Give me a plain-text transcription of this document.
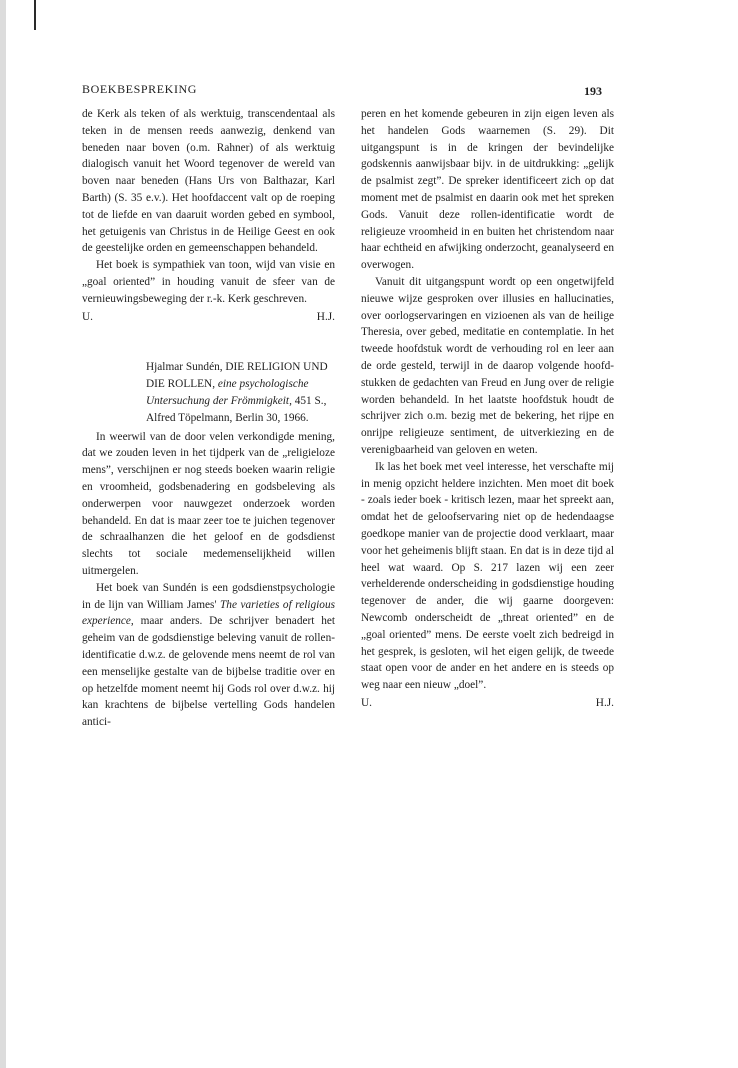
BOEKBESPREKING	193

de Kerk als teken of als werktuig, transcendentaal als teken in de mensen reeds aanwezig, denkend van beneden naar boven (o.m. Rahner) of als werktuig dialogisch vanuit het Woord tegenover de wereld van boven naar beneden (Hans Urs von Balthazar, Karl Barth) (S. 35 e.v.). Het hoofdaccent valt op de roeping tot de liefde en van daaruit worden gebed en symbool, het getuigenis van Christus in de Heilige Geest en ook de geestelijke orden en gemeenschappen behandeld.

Het boek is sympathiek van toon, wijd van visie en „goal oriented” in houding vanuit de sfeer van de vernieuwingsbeweging der r.-k. Kerk geschreven.

U.	H.J.

Hjalmar Sundén, DIE RELIGION UND DIE ROLLEN, eine psychologische Untersuchung der Frömmigkeit, 451 S., Alfred Töpelmann, Berlin 30, 1966.

In weerwil van de door velen verkondigde mening, dat we zouden leven in het tijdperk van de „religieloze mens”, verschijnen er nog steeds boeken waarin religie en vroomheid, godsbenadering en godsbeleving als onderwerpen voor nauwgezet onderzoek worden behandeld. En dat is maar zeer toe te juichen tegenover de schraalhanzen die het geloof en de godsdienst slechts tot sociale medemenselijkheid willen uitmergelen.

Het boek van Sundén is een godsdienstpsychologie in de lijn van William James' The varieties of religious experience, maar anders. De schrijver benadert het geheim van de godsdienstige beleving vanuit de rollen-identificatie d.w.z. de gelovende mens neemt de rol van een menselijke gestalte van de bijbelse traditie over en op hetzelfde moment neemt hij Gods rol over d.w.z. hij kan krachtens de bijbelse vertelling Gods handelen antici-

peren en het komende gebeuren in zijn eigen leven als het handelen Gods waarnemen (S. 29). Dit uitgangspunt is in de kringen der bevindelijke godskennis aanwijsbaar bijv. in de uitdrukking: „gelijk de psalmist zegt”. De spreker identificeert zich op dat moment met de psalmist en daarin ook met het spreken Gods. Vanuit deze rollen-identificatie wordt de religieuze vroomheid in en buiten het christendom naar haar echtheid en afwijking onderzocht, geanalyseerd en overwogen.

Vanuit dit uitgangspunt wordt op een ongetwijfeld nieuwe wijze gesproken over illusies en hallucinaties, over oorlogservaringen en vizioenen als van de heilige Theresia, over gebed, meditatie en contemplatie. In het tweede hoofdstuk wordt de verhouding rol en leer aan de orde gesteld, terwijl in de daarop volgende hoofdstukken de gedachten van Freud en Jung over de religie worden behandeld. In het laatste hoofdstuk houdt de schrijver zich o.m. bezig met de bekering, het rijpe en onrijpe religieuze sentiment, de uitverkiezing en de verenigbaarheid van geloven en weten.

Ik las het boek met veel interesse, het verschafte mij in menig opzicht heldere inzichten. Men moet dit boek - zoals ieder boek - kritisch lezen, maar het spreekt aan, omdat het de geloofservaring niet op de hedendaagse goedkope manier van de projectie dood verklaart, maar voor het geheimenis blijft staan. En dat is in deze tijd al heel wat waard. Op S. 217 lazen wij een zeer verhelderende onderscheiding in godsdienstige houding tegenover de ander, die wij gaarne doorgeven: Newcomb onderscheidt de „threat oriented” en de „goal oriented” mens. De eerste voelt zich bedreigd in het gesprek, is gesloten, wil het eigen gelijk, de tweede staat open voor de ander en het andere en is steeds op weg naar een nieuw „doel”.

U.	H.J.
